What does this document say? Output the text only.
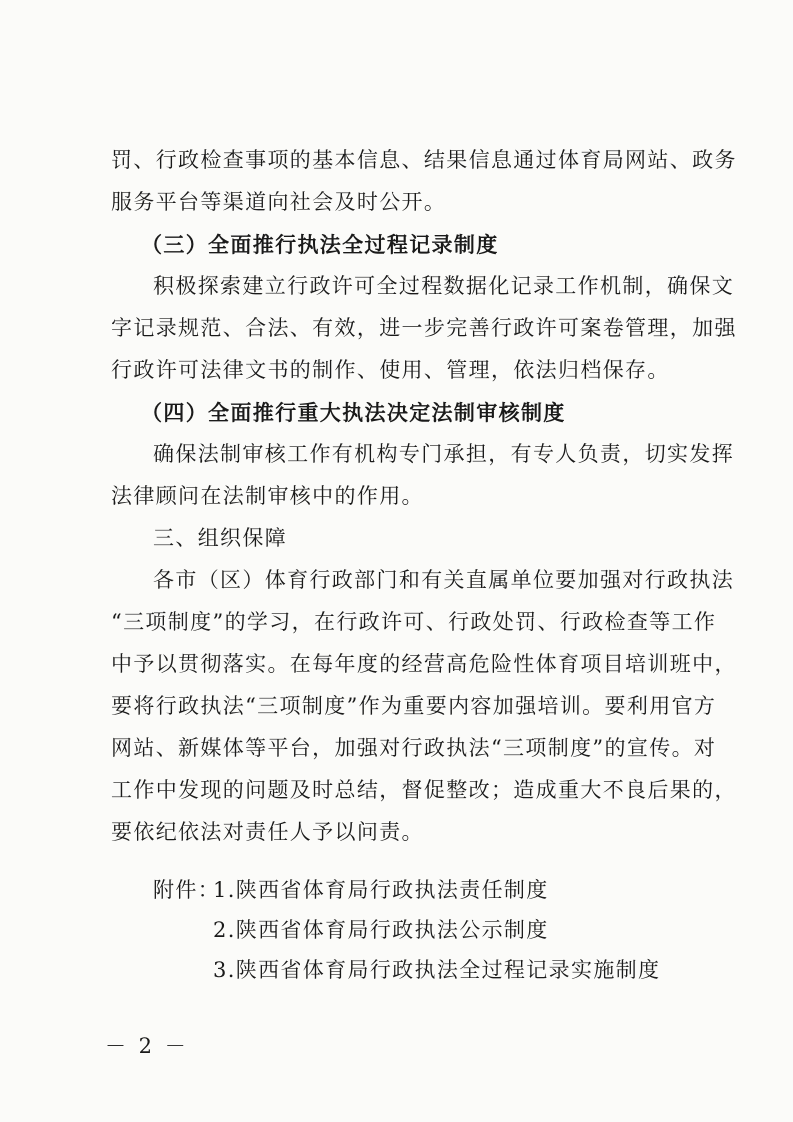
罚、行政检查事项的基本信息、结果信息通过体育局网站、政务
服务平台等渠道向社会及时公开。
（三）全面推行执法全过程记录制度
积极探索建立行政许可全过程数据化记录工作机制，确保文
字记录规范、合法、有效，进一步完善行政许可案卷管理，加强
行政许可法律文书的制作、使用、管理，依法归档保存。
（四）全面推行重大执法决定法制审核制度
确保法制审核工作有机构专门承担，有专人负责，切实发挥
法律顾问在法制审核中的作用。
三、组织保障
各市（区）体育行政部门和有关直属单位要加强对行政执法
“三项制度”的学习，在行政许可、行政处罚、行政检查等工作
中予以贯彻落实。在每年度的经营高危险性体育项目培训班中，
要将行政执法“三项制度”作为重要内容加强培训。要利用官方
网站、新媒体等平台，加强对行政执法“三项制度”的宣传。对
工作中发现的问题及时总结，督促整改；造成重大不良后果的，
要依纪依法对责任人予以问责。
附件：
1.陕西省体育局行政执法责任制度
2.陕西省体育局行政执法公示制度
3.陕西省体育局行政执法全过程记录实施制度
－ 2 －
